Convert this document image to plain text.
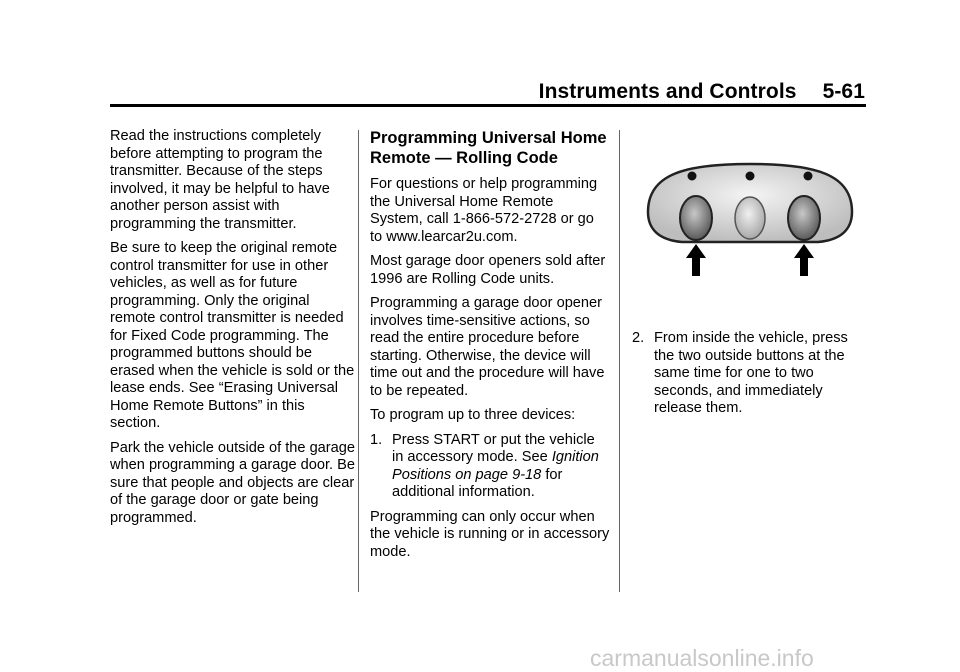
Instruments and Controls 5-61

Read the instructions completely before attempting to program the transmitter. Because of the steps involved, it may be helpful to have another person assist with programming the transmitter.

Be sure to keep the original remote control transmitter for use in other vehicles, as well as for future programming. Only the original remote control transmitter is needed for Fixed Code programming. The programmed buttons should be erased when the vehicle is sold or the lease ends. See “Erasing Universal Home Remote Buttons” in this section.

Park the vehicle outside of the garage when programming a garage door. Be sure that people and objects are clear of the garage door or gate being programmed.

Programming Universal Home Remote — Rolling Code

For questions or help programming the Universal Home Remote System, call 1-866-572-2728 or go to www.learcar2u.com.

Most garage door openers sold after 1996 are Rolling Code units.

Programming a garage door opener involves time-sensitive actions, so read the entire procedure before starting. Otherwise, the device will time out and the procedure will have to be repeated.

To program up to three devices:

1. Press START or put the vehicle in accessory mode. See Ignition Positions on page 9-18 for additional information.

Programming can only occur when the vehicle is running or in accessory mode.

2. From inside the vehicle, press the two outside buttons at the same time for one to two seconds, and immediately release them.
carmanualsonline.info
